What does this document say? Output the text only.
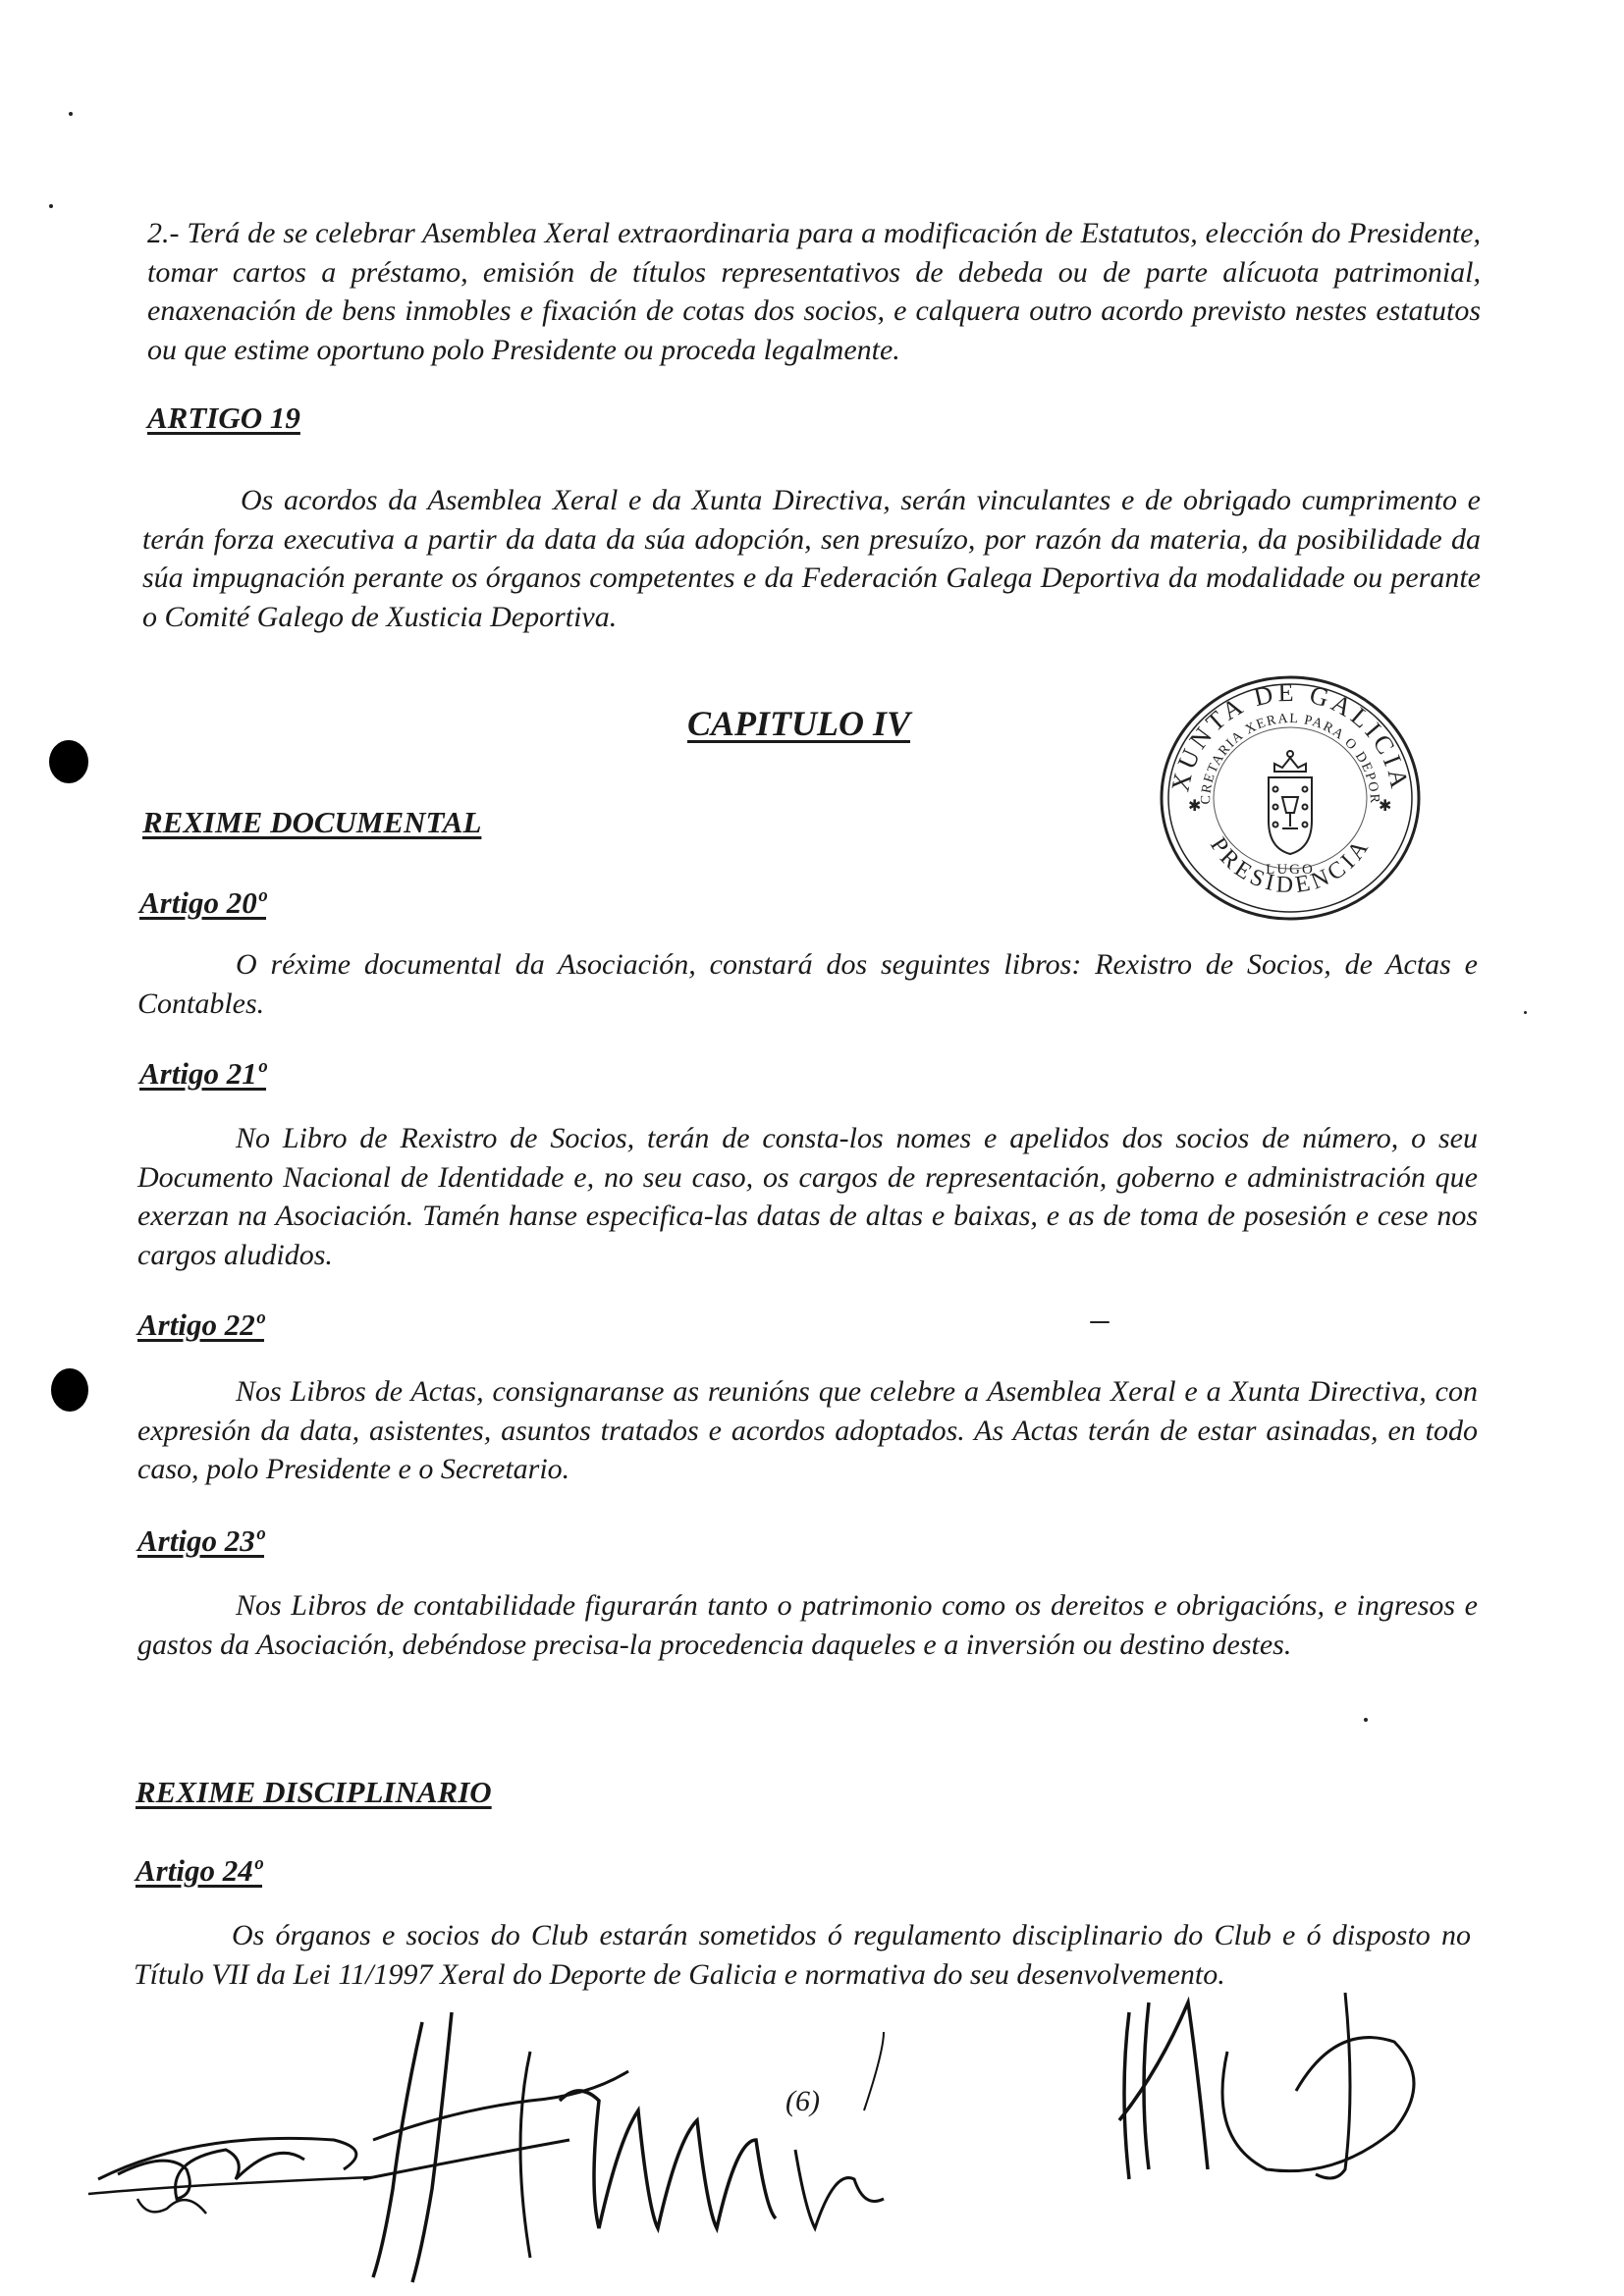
2.- Terá de se celebrar Asemblea Xeral extraordinaria para a modificación de Estatutos, elección do Presidente, tomar cartos a préstamo, emisión de títulos representativos de debeda ou de parte alícuota patrimonial, enaxenación de bens inmobles e fixación de cotas dos socios, e calquera outro acordo previsto nestes estatutos ou que estime oportuno polo Presidente ou proceda legalmente.

ARTIGO 19

Os acordos da Asemblea Xeral e da Xunta Directiva, serán vinculantes e de obrigado cumprimento e terán forza executiva a partir da data da súa adopción, sen presuízo, por razón da materia, da posibilidade da súa impugnación perante os órganos competentes e da Federación Galega Deportiva da modalidade ou perante o Comité Galego de Xusticia Deportiva.

CAPITULO IV
XUNTA DE GALICIA
SECRETARIA XERAL PARA O DEPORTE
PRESIDENCIA
LUGO
✱	✱
REXIME DOCUMENTAL
Artigo 20º

O réxime documental da Asociación, constará dos seguintes libros: Rexistro de Socios, de Actas e Contables.

Artigo 21º

No Libro de Rexistro de Socios, terán de consta-los nomes e apelidos dos socios de número, o seu Documento Nacional de Identidade e, no seu caso, os cargos de representación, goberno e administración que exerzan na Asociación. Tamén hanse especifica-las datas de altas e baixas, e as de toma de posesión e cese nos cargos aludidos.

Artigo 22º

Nos Libros de Actas, consignaranse as reunións que celebre a Asemblea Xeral e a Xunta Directiva, con expresión da data, asistentes, asuntos tratados e acordos adoptados. As Actas terán de estar asinadas, en todo caso, polo Presidente e o Secretario.

Artigo 23º

Nos Libros de contabilidade figurarán tanto o patrimonio como os dereitos e obrigacións, e ingresos e gastos da Asociación, debéndose precisa-la procedencia daqueles e a inversión ou destino destes.

REXIME DISCIPLINARIO
Artigo 24º

Os órganos e socios do Club estarán sometidos ó regulamento disciplinario do Club e ó disposto no Título VII da Lei 11/1997 Xeral do Deporte de Galicia e normativa do seu desenvolvemento.

(6)
